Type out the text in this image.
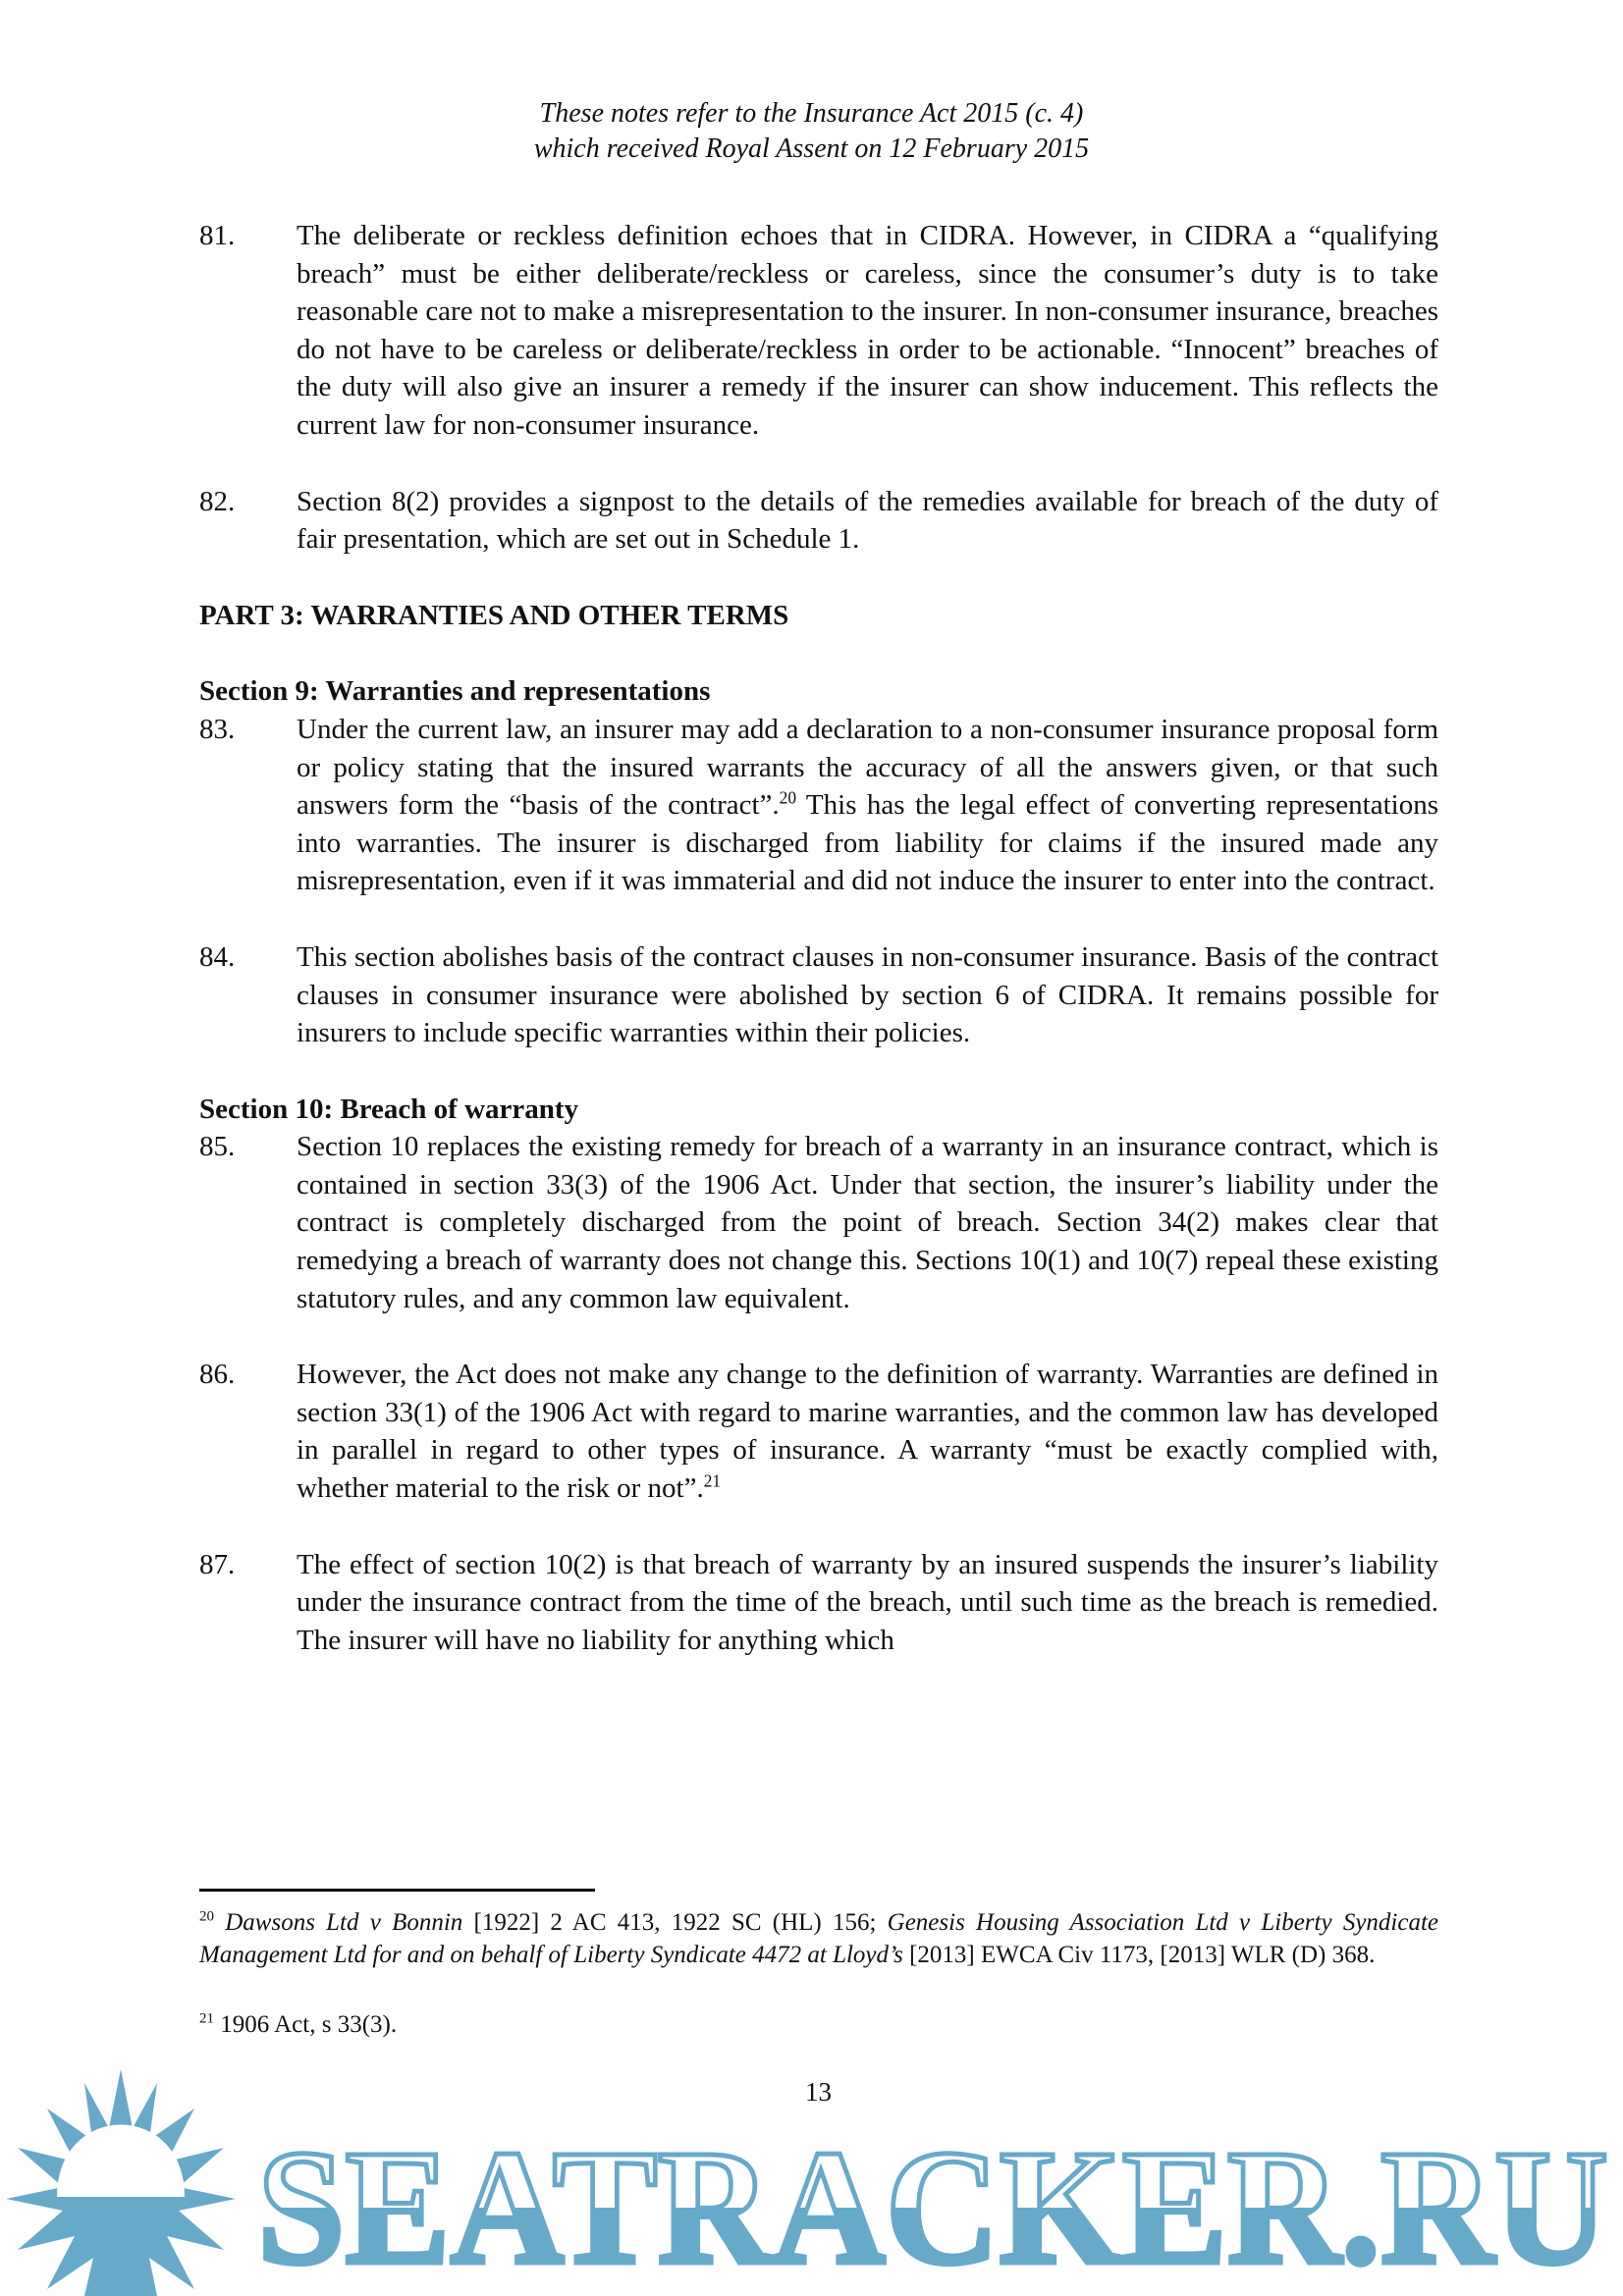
These notes refer to the Insurance Act 2015 (c. 4)
which received Royal Assent on 12 February 2015
81. The deliberate or reckless definition echoes that in CIDRA. However, in CIDRA a “qualifying breach” must be either deliberate/reckless or careless, since the consumer’s duty is to take reasonable care not to make a misrepresentation to the insurer. In non-consumer insurance, breaches do not have to be careless or deliberate/reckless in order to be actionable. “Innocent” breaches of the duty will also give an insurer a remedy if the insurer can show inducement. This reflects the current law for non-consumer insurance.
82. Section 8(2) provides a signpost to the details of the remedies available for breach of the duty of fair presentation, which are set out in Schedule 1.
PART 3: WARRANTIES AND OTHER TERMS
Section 9: Warranties and representations
83. Under the current law, an insurer may add a declaration to a non-consumer insurance proposal form or policy stating that the insured warrants the accuracy of all the answers given, or that such answers form the “basis of the contract”.$^{20}$ This has the legal effect of converting representations into warranties. The insurer is discharged from liability for claims if the insured made any misrepresentation, even if it was immaterial and did not induce the insurer to enter into the contract.
84. This section abolishes basis of the contract clauses in non-consumer insurance. Basis of the contract clauses in consumer insurance were abolished by section 6 of CIDRA. It remains possible for insurers to include specific warranties within their policies.
Section 10: Breach of warranty
85. Section 10 replaces the existing remedy for breach of a warranty in an insurance contract, which is contained in section 33(3) of the 1906 Act. Under that section, the insurer’s liability under the contract is completely discharged from the point of breach. Section 34(2) makes clear that remedying a breach of warranty does not change this. Sections 10(1) and 10(7) repeal these existing statutory rules, and any common law equivalent.
86. However, the Act does not make any change to the definition of warranty. Warranties are defined in section 33(1) of the 1906 Act with regard to marine warranties, and the common law has developed in parallel in regard to other types of insurance. A warranty “must be exactly complied with, whether material to the risk or not”.$^{21}$
87. The effect of section 10(2) is that breach of warranty by an insured suspends the insurer’s liability under the insurance contract from the time of the breach, until such time as the breach is remedied. The insurer will have no liability for anything which
$^{20}$ Dawsons Ltd v Bonnin [1922] 2 AC 413, 1922 SC (HL) 156; Genesis Housing Association Ltd v Liberty Syndicate Management Ltd for and on behalf of Liberty Syndicate 4472 at Lloyd’s [2013] EWCA Civ 1173, [2013] WLR (D) 368.
$^{21}$ 1906 Act, s 33(3).
SEATRACKER.RU
13
